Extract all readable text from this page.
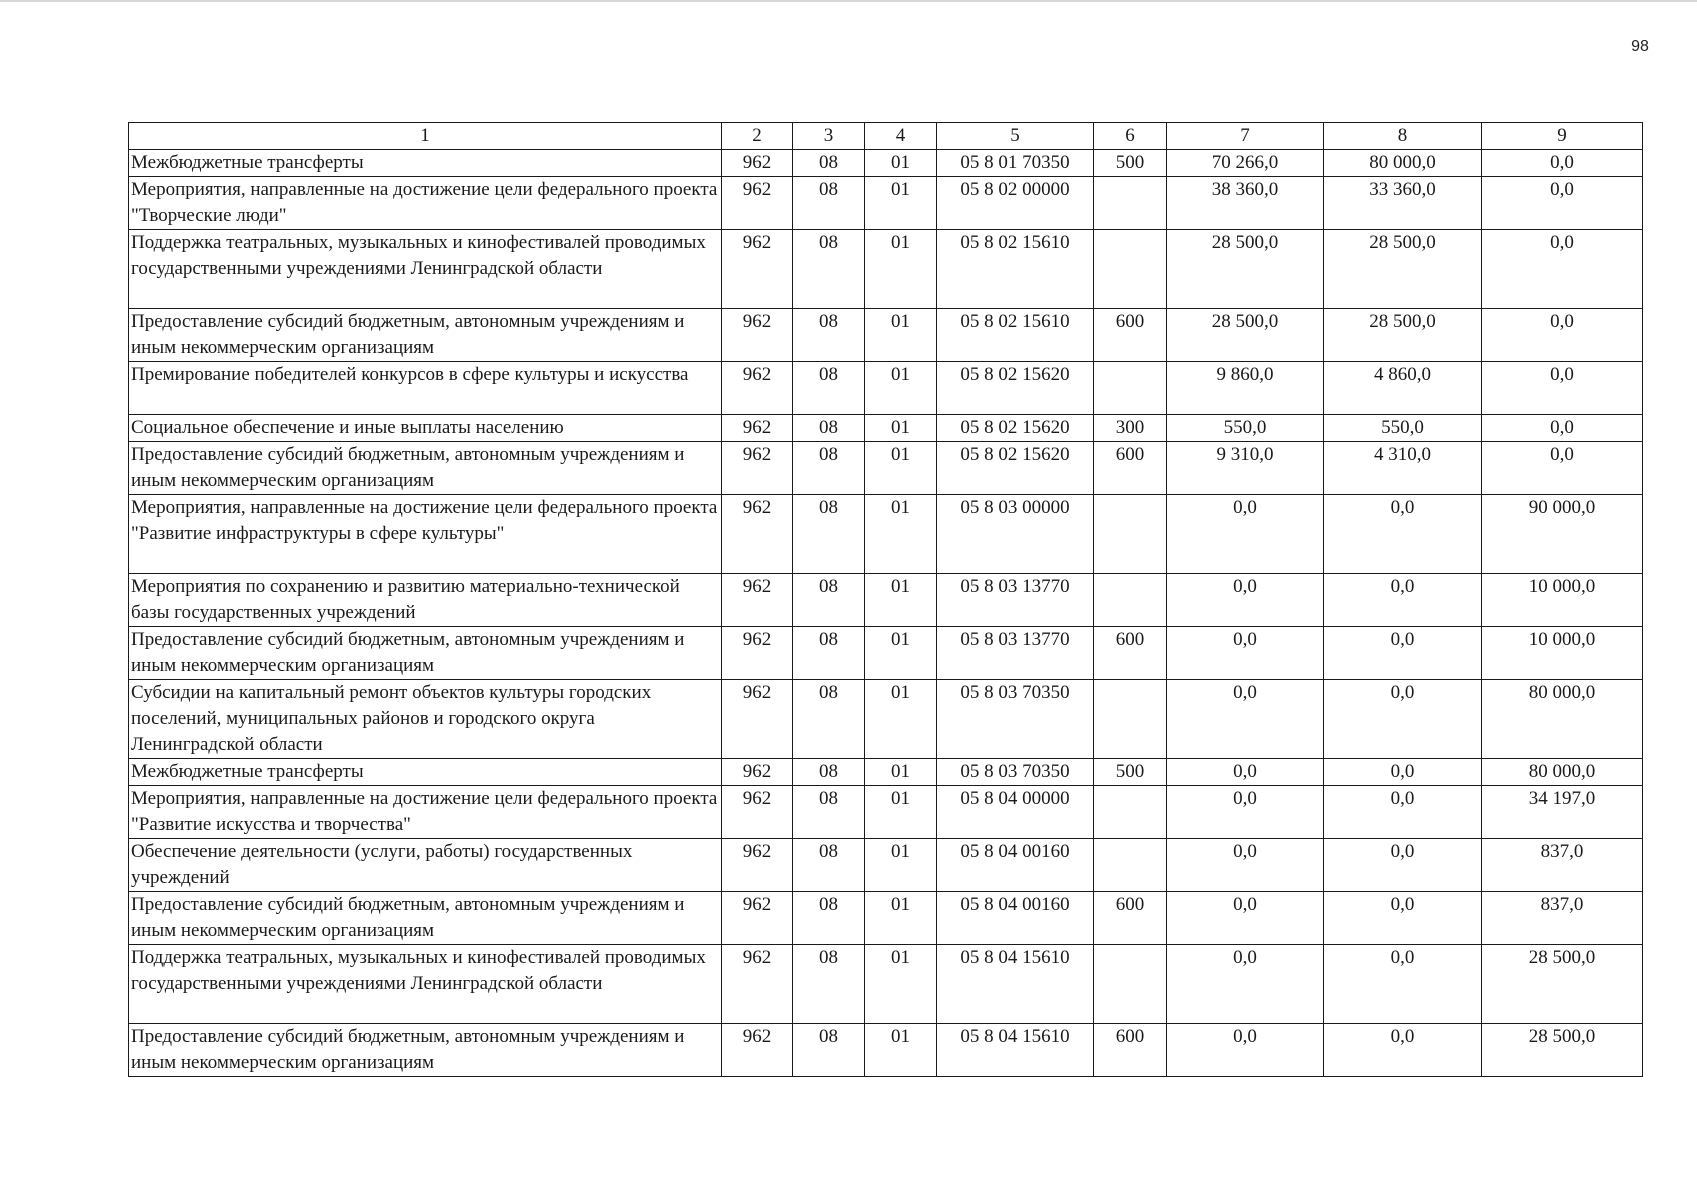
98
1	2	3	4	5	6	7	8	9
Межбюджетные трансферты	962	08	01	05 8 01 70350	500	70 266,0	80 000,0	0,0
Мероприятия, направленные на достижение цели федерального проекта "Творческие люди"	962	08	01	05 8 02 00000		38 360,0	33 360,0	0,0
Поддержка театральных, музыкальных и кинофестивалей проводимых государственными учреждениями Ленинградской области	962	08	01	05 8 02 15610		28 500,0	28 500,0	0,0
Предоставление субсидий бюджетным, автономным учреждениям и иным некоммерческим организациям	962	08	01	05 8 02 15610	600	28 500,0	28 500,0	0,0
Премирование победителей конкурсов в сфере культуры и искусства	962	08	01	05 8 02 15620		9 860,0	4 860,0	0,0
Социальное обеспечение и иные выплаты населению	962	08	01	05 8 02 15620	300	550,0	550,0	0,0
Предоставление субсидий бюджетным, автономным учреждениям и иным некоммерческим организациям	962	08	01	05 8 02 15620	600	9 310,0	4 310,0	0,0
Мероприятия, направленные на достижение цели федерального проекта "Развитие инфраструктуры в сфере культуры"	962	08	01	05 8 03 00000		0,0	0,0	90 000,0
Мероприятия по сохранению и развитию материально-технической базы государственных учреждений	962	08	01	05 8 03 13770		0,0	0,0	10 000,0
Предоставление субсидий бюджетным, автономным учреждениям и иным некоммерческим организациям	962	08	01	05 8 03 13770	600	0,0	0,0	10 000,0
Субсидии на капитальный ремонт объектов культуры городских поселений, муниципальных районов и городского округа Ленинградской области	962	08	01	05 8 03 70350		0,0	0,0	80 000,0
Межбюджетные трансферты	962	08	01	05 8 03 70350	500	0,0	0,0	80 000,0
Мероприятия, направленные на достижение цели федерального проекта "Развитие искусства и творчества"	962	08	01	05 8 04 00000		0,0	0,0	34 197,0
Обеспечение деятельности (услуги, работы) государственных учреждений	962	08	01	05 8 04 00160		0,0	0,0	837,0
Предоставление субсидий бюджетным, автономным учреждениям и иным некоммерческим организациям	962	08	01	05 8 04 00160	600	0,0	0,0	837,0
Поддержка театральных, музыкальных и кинофестивалей проводимых государственными учреждениями Ленинградской области	962	08	01	05 8 04 15610		0,0	0,0	28 500,0
Предоставление субсидий бюджетным, автономным учреждениям и иным некоммерческим организациям	962	08	01	05 8 04 15610	600	0,0	0,0	28 500,0
